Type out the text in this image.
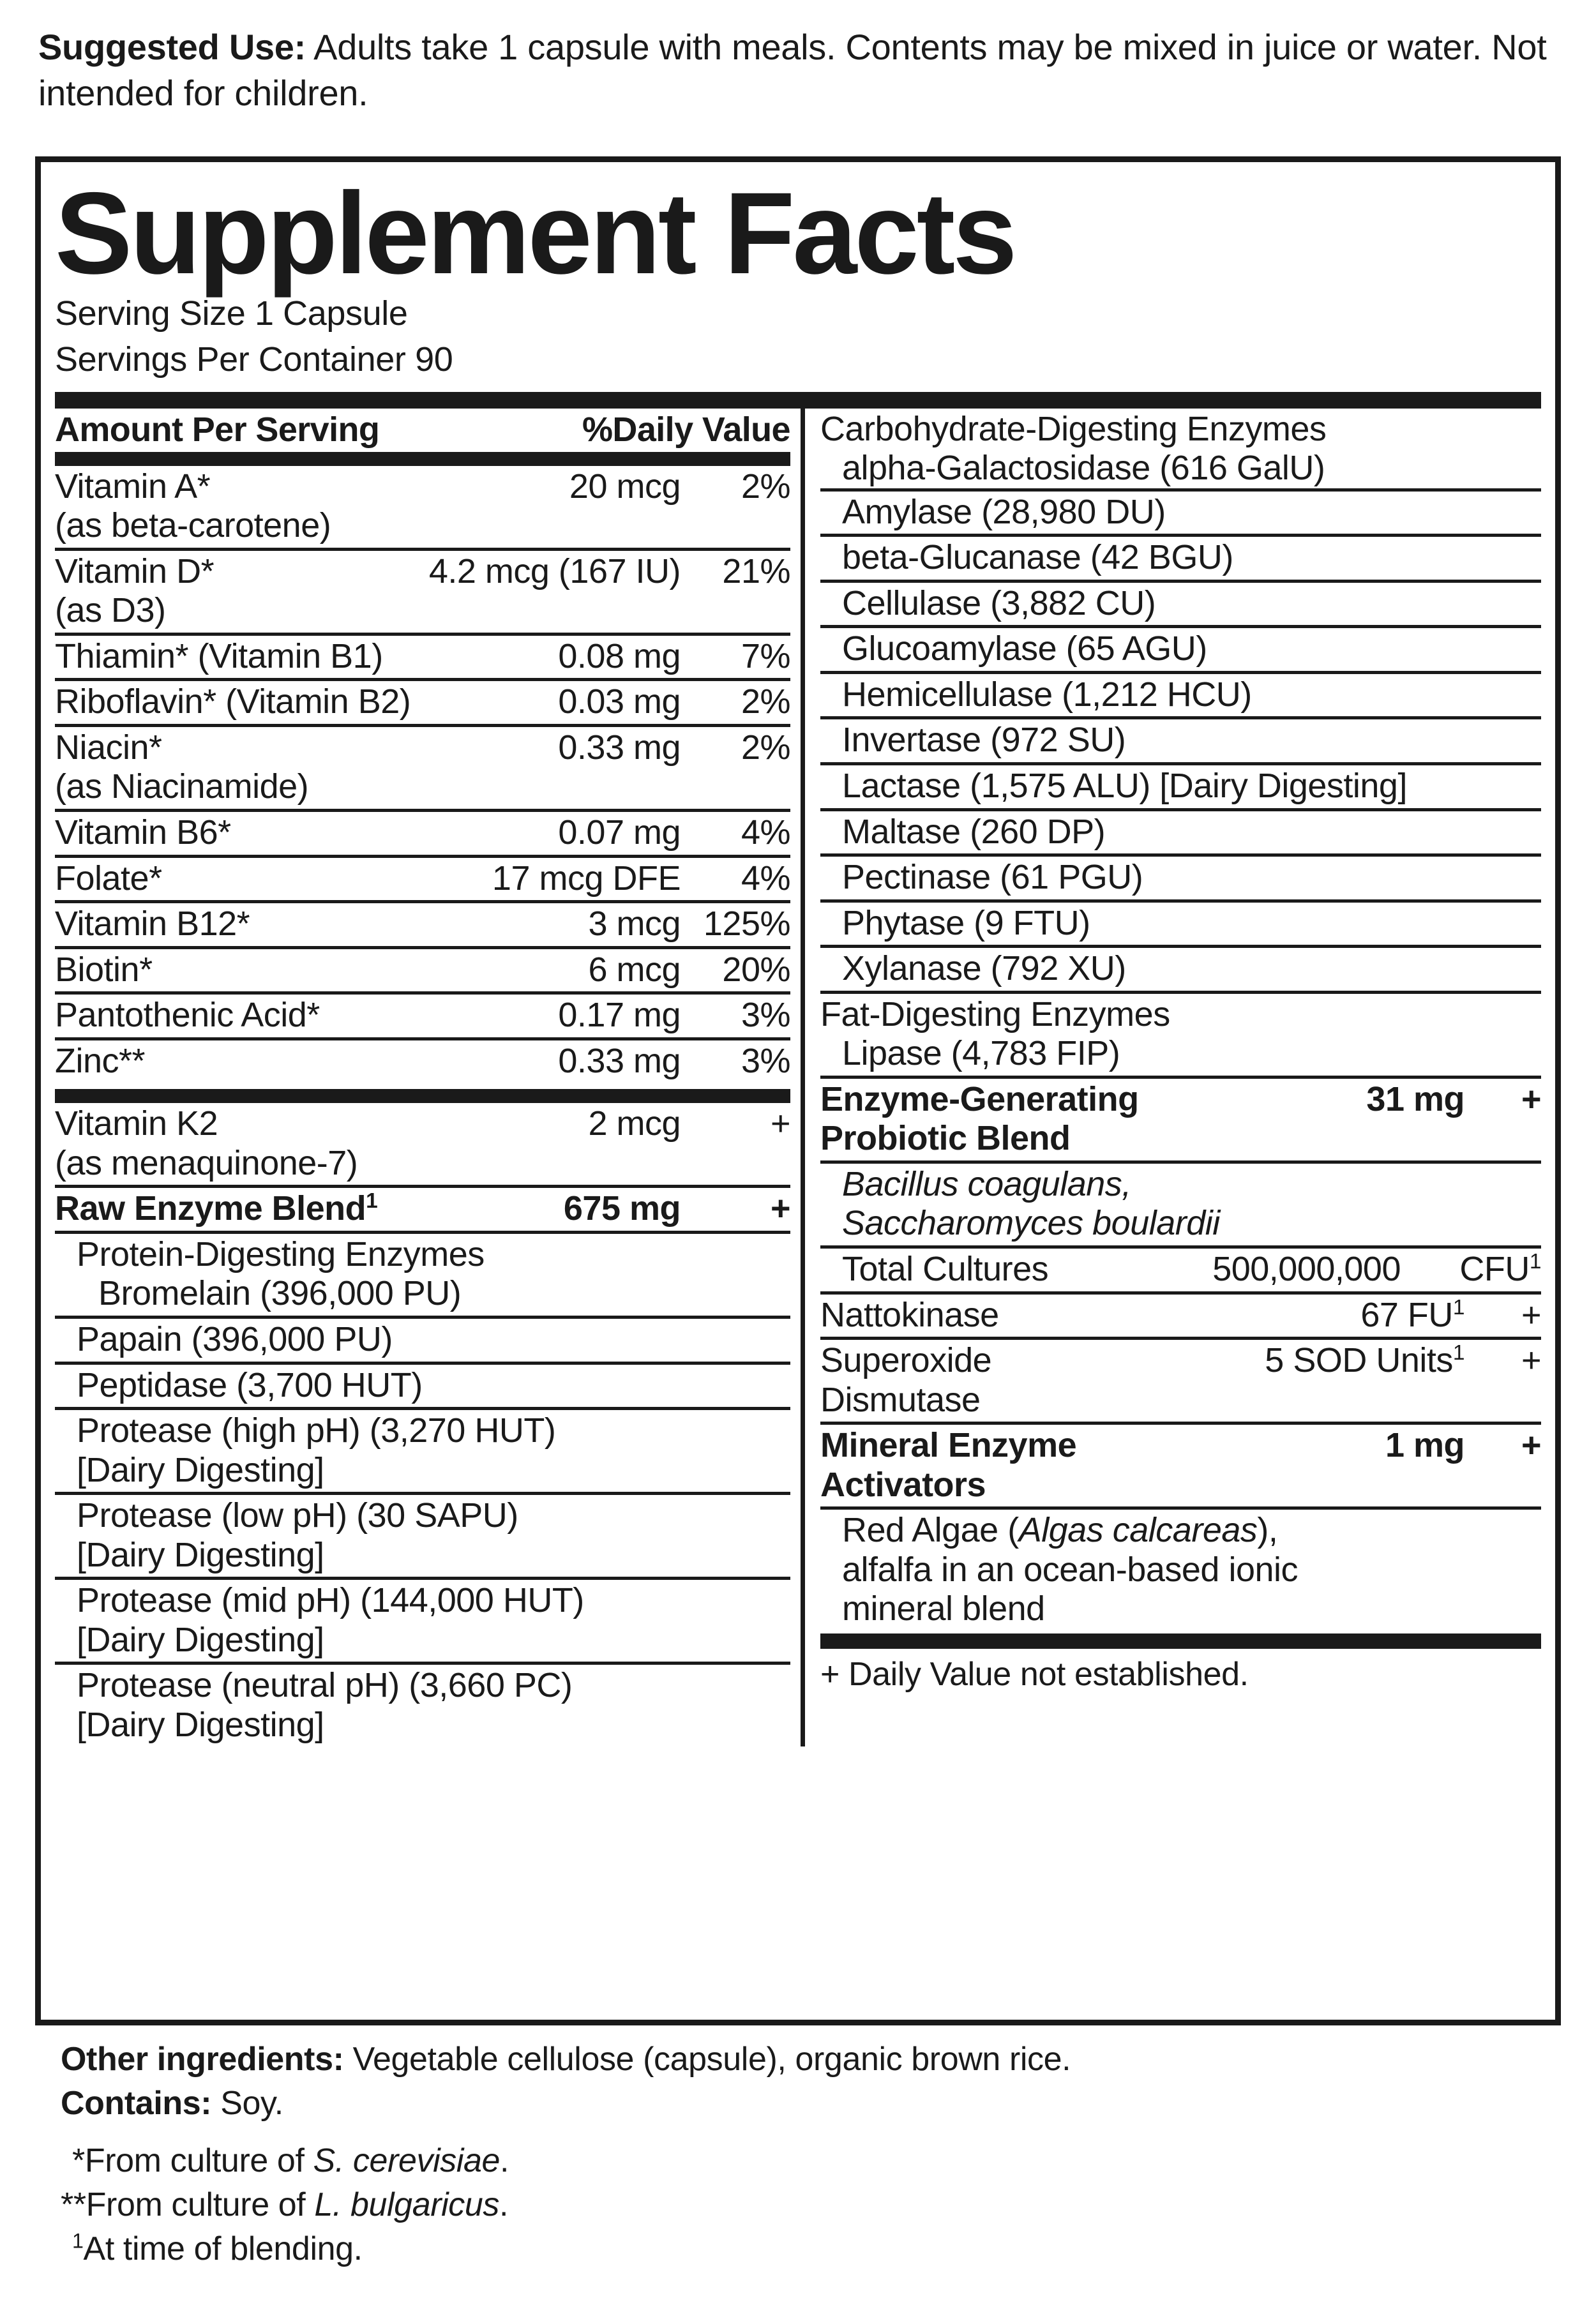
Suggested Use: Adults take 1 capsule with meals. Contents may be mixed in juice or water. Not intended for children.
Supplement Facts
Serving Size 1 Capsule
Servings Per Container 90
Amount Per Serving	%Daily Value
Vitamin A*	20 mcg	2%
(as beta-carotene)
Vitamin D*	4.2 mcg (167 IU)	21%
(as D3)
Thiamin* (Vitamin B1)	0.08 mg	7%
Riboflavin* (Vitamin B2)	0.03 mg	2%
Niacin*	0.33 mg	2%
(as Niacinamide)
Vitamin B6*	0.07 mg	4%
Folate*	17 mcg DFE	4%
Vitamin B12*	3 mcg 125%
Biotin*	6 mcg	20%
Pantothenic Acid*	0.17 mg	3%
Zinc**	0.33 mg	3%
Vitamin K2	2 mcg	+
(as menaquinone-7)
Raw Enzyme Blend$^1$	675 mg	+
Protein-Digesting Enzymes
Bromelain (396,000 PU)
Papain (396,000 PU)
Peptidase (3,700 HUT)
Protease (high pH) (3,270 HUT)
[Dairy Digesting]
Protease (low pH) (30 SAPU)
[Dairy Digesting]
Protease (mid pH) (144,000 HUT)
[Dairy Digesting]
Protease (neutral pH) (3,660 PC)
[Dairy Digesting]
Carbohydrate-Digesting Enzymes
alpha-Galactosidase (616 GalU)
Amylase (28,980 DU)
beta-Glucanase (42 BGU)
Cellulase (3,882 CU)
Glucoamylase (65 AGU)
Hemicellulase (1,212 HCU)
Invertase (972 SU)
Lactase (1,575 ALU) [Dairy Digesting]
Maltase (260 DP)
Pectinase (61 PGU)
Phytase (9 FTU)
Xylanase (792 XU)
Fat-Digesting Enzymes
Lipase (4,783 FIP)
Enzyme-Generating	31 mg	+
Probiotic Blend
Bacillus coagulans,
Saccharomyces boulardii
Total Cultures	500,000,000	CFU$^1$
Nattokinase	67 $FU^1$	+
Superoxide	5 SOD Units$^1$	+
Dismutase
Mineral Enzyme	1 mg	+
Activators
Red Algae (Algas calcareas),
alfalfa in an ocean-based ionic
mineral blend
+ Daily Value not established.
Other ingredients: Vegetable cellulose (capsule), organic brown rice.
Contains: Soy.
*From culture of S. cerevisiae.
**From culture of L. bulgaricus.
$^1$At time of blending.
